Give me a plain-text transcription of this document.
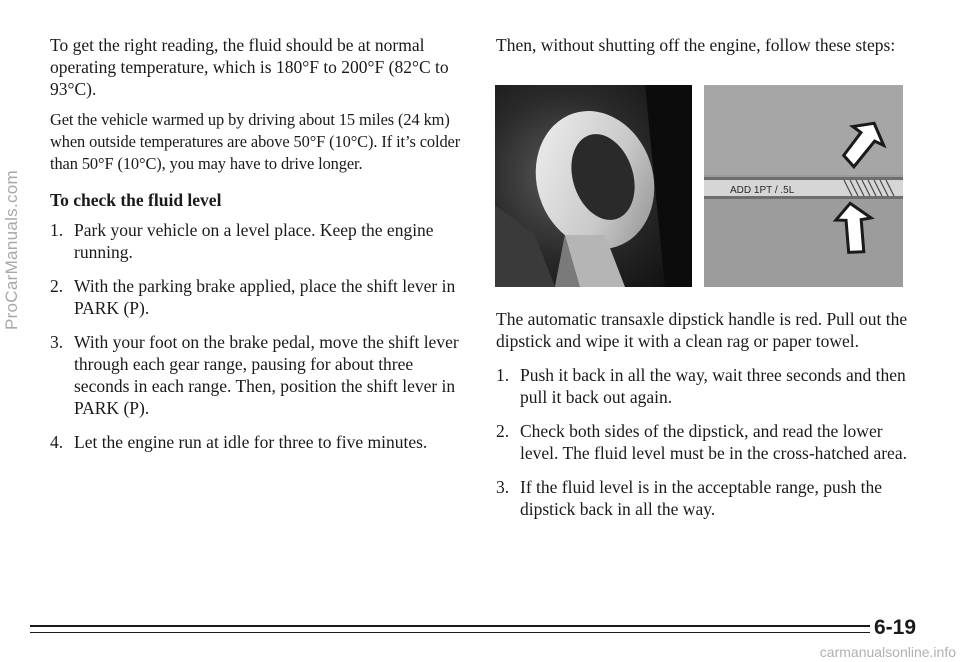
To get the right reading, the fluid should be at normal operating temperature, which is 180°F to 200°F (82°C to 93°C).

Get the vehicle warmed up by driving about 15 miles (24 km) when outside temperatures are above 50°F (10°C). If it’s colder than 50°F (10°C), you may have to drive longer.

To check the fluid level

1. Park your vehicle on a level place. Keep the engine running.
2. With the parking brake applied, place the shift lever in PARK (P).
3. With your foot on the brake pedal, move the shift lever through each gear range, pausing for about three seconds in each range. Then, position the shift lever in PARK (P).
4. Let the engine run at idle for three to five minutes.

Then, without shutting off the engine, follow these steps:

The automatic transaxle dipstick handle is red. Pull out the dipstick and wipe it with a clean rag or paper towel.

1. Push it back in all the way, wait three seconds and then pull it back out again.
2. Check both sides of the dipstick, and read the lower level. The fluid level must be in the cross-hatched area.
3. If the fluid level is in the acceptable range, push the dipstick back in all the way.
ADD 1PT / .5L
ProCarManuals.com
6-19
carmanualsonline.info
